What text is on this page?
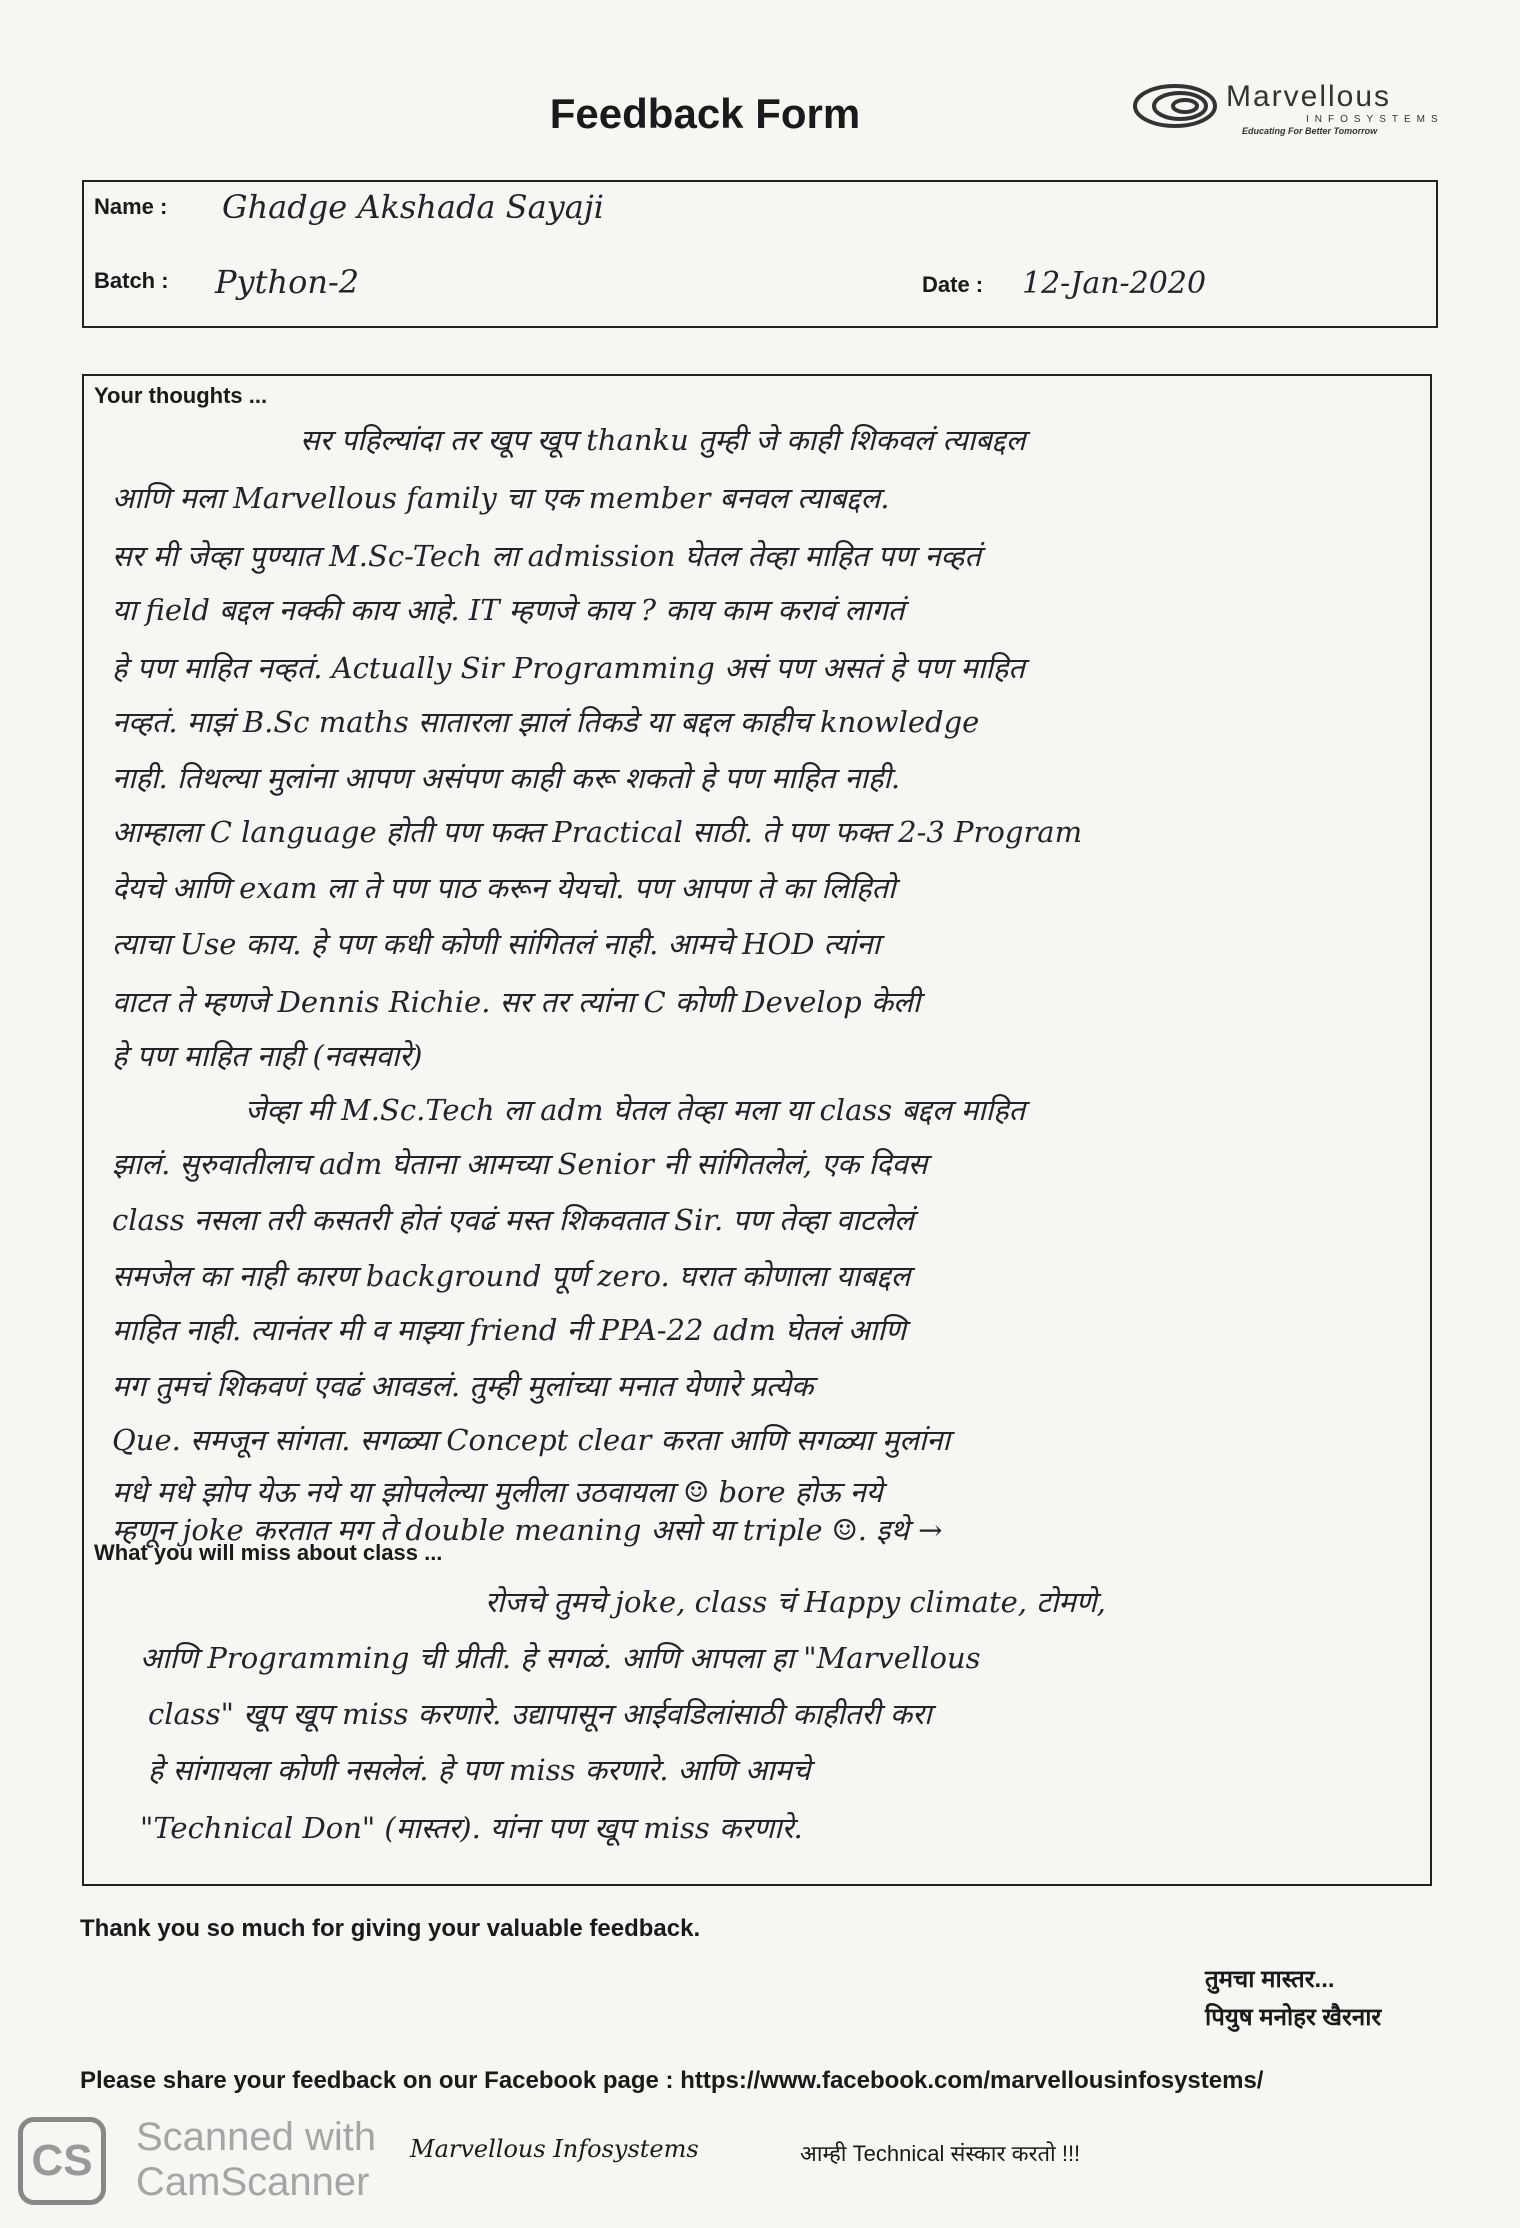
Feedback Form	Marvellous
INFOSYSTEMS
Educating For Better Tomorrow
Name : Ghadge Akshada Sayaji
Batch : Python-2	Date : 12-Jan-2020
Your thoughts ...
सर पहिल्यांदा तर खूप खूप thanku तुम्ही जे काही शिकवलं त्याबद्दल
आणि मला Marvellous family चा एक member बनवल त्याबद्दल.
सर मी जेव्हा पुण्यात M.Sc-Tech ला admission घेतल तेव्हा माहित पण नव्हतं
या field बद्दल नक्की काय आहे. IT म्हणजे काय ? काय काम करावं लागतं
हे पण माहित नव्हतं. Actually Sir Programming असं पण असतं हे पण माहित
नव्हतं. माझं B.Sc maths सातारला झालं तिकडे या बद्दल काहीच knowledge
नाही. तिथल्या मुलांना आपण असंपण काही करू शकतो हे पण माहित नाही.
आम्हाला C language होती पण फक्त Practical साठी. ते पण फक्त 2-3 Program
देयचे आणि exam ला ते पण पाठ करून येयचो. पण आपण ते का लिहितो
त्याचा Use काय. हे पण कधी कोणी सांगितलं नाही. आमचे HOD त्यांना
वाटत ते म्हणजे Dennis Richie. सर तर त्यांना C कोणी Develop केली
हे पण माहित नाही (नवसवारे)
जेव्हा मी M.Sc.Tech ला adm घेतल तेव्हा मला या class बद्दल माहित
झालं. सुरुवातीलाच adm घेताना आमच्या Senior नी सांगितलेलं, एक दिवस
class नसला तरी कसतरी होतं एवढं मस्त शिकवतात Sir. पण तेव्हा वाटलेलं
समजेल का नाही कारण background पूर्ण zero. घरात कोणाला याबद्दल
माहित नाही. त्यानंतर मी व माझ्या friend नी PPA-22 adm घेतलं आणि
मग तुमचं शिकवणं एवढं आवडलं. तुम्ही मुलांच्या मनात येणारे प्रत्येक
Que. समजून सांगता. सगळ्या Concept clear करता आणि सगळ्या मुलांना
मधे मधे झोप येऊ नये या झोपलेल्या मुलीला उठवायला ☺ bore होऊ नये
म्हणून joke करतात मग ते double meaning असो या triple ☺. इथे →
What you will miss about class ...
रोजचे तुमचे joke, class चं Happy climate, टोमणे,
आणि Programming ची प्रीती. हे सगळं. आणि आपला हा "Marvellous
class" खूप खूप miss करणारे. उद्यापासून आईवडिलांसाठी काहीतरी करा
हे सांगायला कोणी नसलेलं. हे पण miss करणारे. आणि आमचे
"Technical Don" (मास्तर). यांना पण खूप miss करणारे.
Thank you so much for giving your valuable feedback.
तुमचा मास्तर...
पियुष मनोहर खैरनार
Please share your feedback on our Facebook page : https://www.facebook.com/marvellousinfosystems/
CS	Scanned with
CamScanner
Marvellous Infosystems	आम्ही Technical संस्कार करतो !!!
